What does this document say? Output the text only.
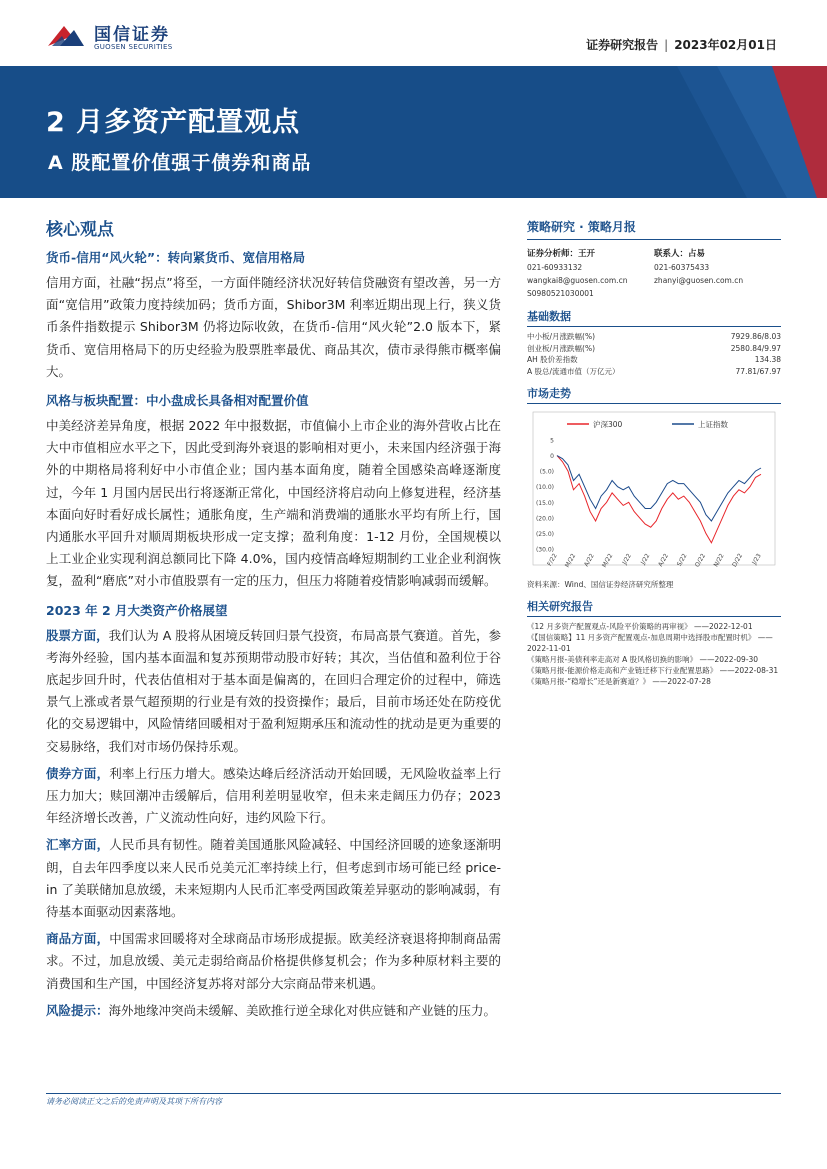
国信证券
GUOSEN SECURITIES	证券研究报告 | 2023年02月01日
2 月多资产配置观点
A 股配置价值强于债券和商品
核心观点
货币-信用“风火轮”：转向紧货币、宽信用格局
信用方面，社融“拐点”将至，一方面伴随经济状况好转信贷融资有望改善，另一方面“宽信用”政策力度持续加码；货币方面，Shibor3M 利率近期出现上行，狭义货币条件指数提示 Shibor3M 仍将边际收敛，在货币-信用“风火轮”2.0 版本下，紧货币、宽信用格局下的历史经验为股票胜率最优、商品其次，债市录得熊市概率偏大。
风格与板块配置：中小盘成长具备相对配置价值
中美经济差异角度，根据 2022 年中报数据，市值偏小上市企业的海外营收占比在大中市值相应水平之下，因此受到海外衰退的影响相对更小，未来国内经济强于海外的中期格局将利好中小市值企业；国内基本面角度，随着全国感染高峰逐渐度过，今年 1 月国内居民出行将逐渐正常化，中国经济将启动向上修复进程，经济基本面向好时看好成长属性；通胀角度，生产端和消费端的通胀水平均有所上行，国内通胀水平回升对顺周期板块形成一定支撑；盈利角度：1-12 月份，全国规模以上工业企业实现利润总额同比下降 4.0%，国内疫情高峰短期制约工业企业利润恢复，盈利“磨底”对小市值股票有一定的压力，但压力将随着疫情影响减弱而缓解。
2023 年 2 月大类资产价格展望
股票方面，我们认为 A 股将从困境反转回归景气投资，布局高景气赛道。首先，参考海外经验，国内基本面温和复苏预期带动股市好转；其次，当估值和盈利位于谷底起步回升时，代表估值相对于基本面是偏离的，在回归合理定价的过程中，筛选景气上涨或者景气超预期的行业是有效的投资操作；最后，目前市场还处在防疫优化的交易逻辑中，风险情绪回暖相对于盈利短期承压和流动性的扰动是更为重要的交易脉络，我们对市场仍保持乐观。
债券方面，利率上行压力增大。感染达峰后经济活动开始回暖，无风险收益率上行压力加大；赎回潮冲击缓解后，信用利差明显收窄，但未来走阔压力仍存；2023 年经济增长改善，广义流动性向好，违约风险下行。
汇率方面，人民币具有韧性。随着美国通胀风险减轻、中国经济回暖的迹象逐渐明朗，自去年四季度以来人民币兑美元汇率持续上行，但考虑到市场可能已经 price-in 了美联储加息放缓，未来短期内人民币汇率受两国政策差异驱动的影响减弱，有待基本面驱动因素落地。
商品方面，中国需求回暖将对全球商品市场形成提振。欧美经济衰退将抑制商品需求。不过，加息放缓、美元走弱给商品价格提供修复机会；作为多种原材料主要的消费国和生产国，中国经济复苏将对部分大宗商品带来机遇。
风险提示：海外地缘冲突尚未缓解、美欧推行逆全球化对供应链和产业链的压力。
策略研究 · 策略月报
证券分析师：王开
021-60933132
wangkai8@guosen.com.cn
S0980521030001
联系人：占易
021-60375433
zhanyi@guosen.com.cn
基础数据
中小板/月涨跌幅(%)	7929.86/8.03
创业板/月涨跌幅(%)	2580.84/9.97
AH 股价差指数	134.38
A 股总/流通市值（万亿元）	77.81/67.97
市场走势
沪深300	上证指数
5
0
(5.0)
(10.0)
(15.0)
(20.0)
(25.0)
(30.0)
F/22 M/22 A/22 M/22 J/22 J/22 A/22 S/22 O/22 N/22 D/22 J/23
资料来源：Wind、国信证券经济研究所整理
相关研究报告
《12 月多资产配置观点-风险平价策略的再审视》 ——2022-12-01
《【国信策略】11 月多资产配置观点-加息周期中选择股市配置时机》 ——2022-11-01
《策略月报-美债利率走高对 A 股风格切换的影响》 ——2022-09-30
《策略月报-能源价格走高和产业链迁移下行业配置思路》 ——2022-08-31
《策略月报-“稳增长”还是新赛道？》 ——2022-07-28
请务必阅读正文之后的免责声明及其项下所有内容
